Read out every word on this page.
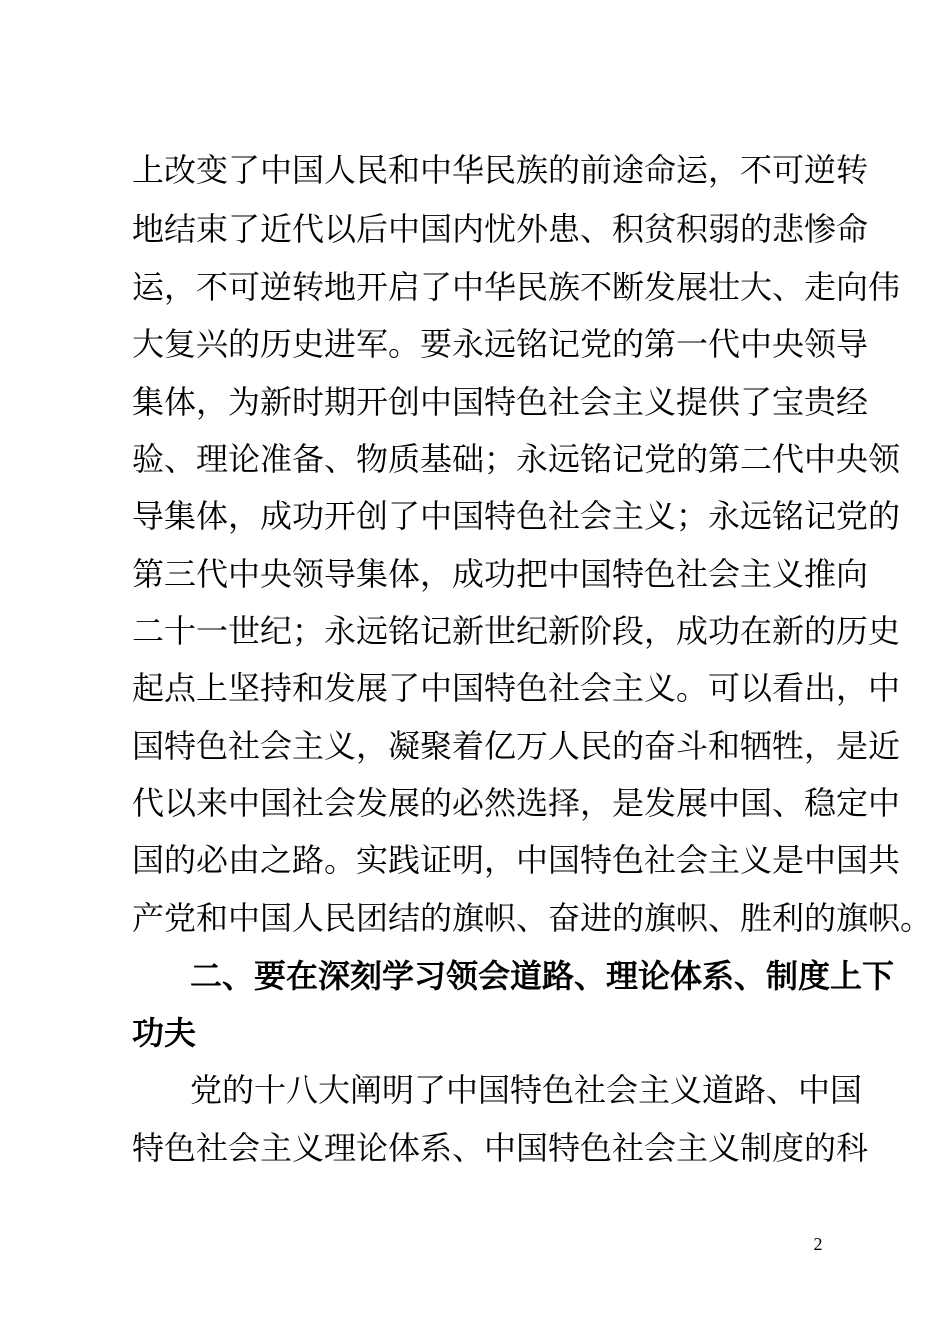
上改变了中国人民和中华民族的前途命运，不可逆转
地结束了近代以后中国内忧外患、积贫积弱的悲惨命
运，不可逆转地开启了中华民族不断发展壮大、走向伟
大复兴的历史进军。要永远铭记党的第一代中央领导
集体，为新时期开创中国特色社会主义提供了宝贵经
验、理论准备、物质基础；永远铭记党的第二代中央领
导集体，成功开创了中国特色社会主义；永远铭记党的
第三代中央领导集体，成功把中国特色社会主义推向
二十一世纪；永远铭记新世纪新阶段，成功在新的历史
起点上坚持和发展了中国特色社会主义。可以看出，中
国特色社会主义，凝聚着亿万人民的奋斗和牺牲，是近
代以来中国社会发展的必然选择，是发展中国、稳定中
国的必由之路。实践证明，中国特色社会主义是中国共
产党和中国人民团结的旗帜、奋进的旗帜、胜利的旗帜。
二、要在深刻学习领会道路、理论体系、制度上下
功夫
党的十八大阐明了中国特色社会主义道路、中国
特色社会主义理论体系、中国特色社会主义制度的科
2
